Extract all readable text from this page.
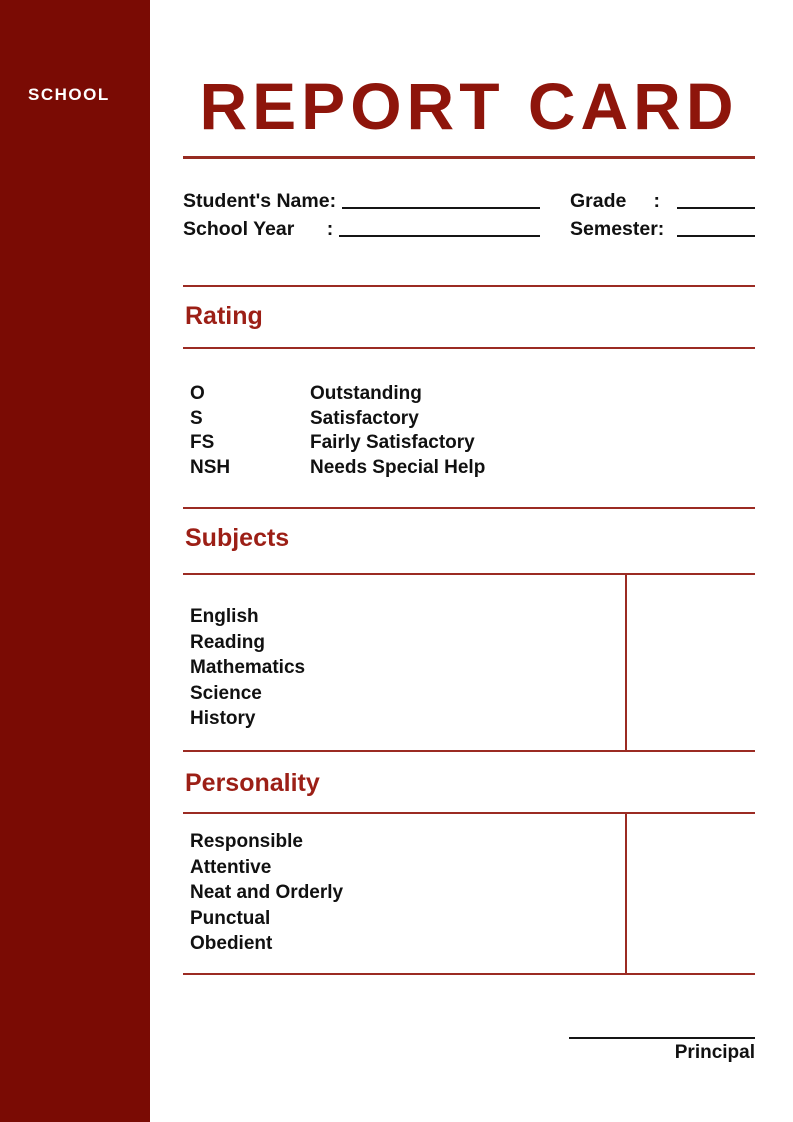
SCHOOL REPORT CARD
Student's Name:	Grade     :
School Year      :	Semester:
Rating
O	Outstanding
S	Satisfactory
FS	Fairly Satisfactory
NSH	Needs Special Help
Subjects
English
Reading
Mathematics
Science
History
Personality
Responsible
Attentive
Neat and Orderly
Punctual
Obedient
Principal
